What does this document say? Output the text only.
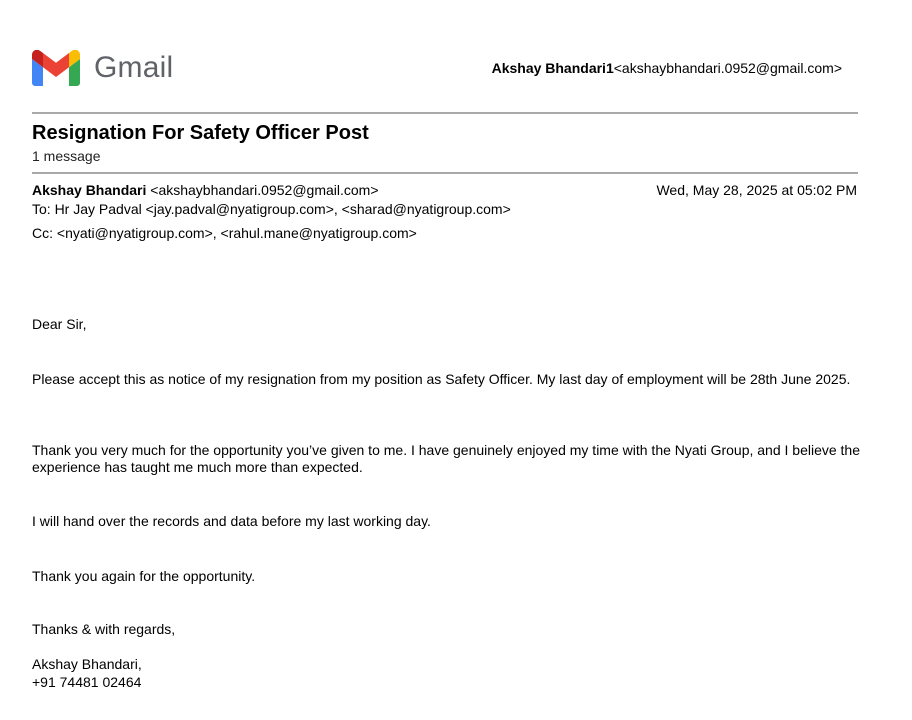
Gmail	Akshay Bhandari1<akshaybhandari.0952@gmail.com>
Resignation For Safety Officer Post
1 message
Akshay Bhandari <akshaybhandari.0952@gmail.com>	Wed, May 28, 2025 at 05:02 PM
To: Hr Jay Padval <jay.padval@nyatigroup.com>, <sharad@nyatigroup.com>
Cc: <nyati@nyatigroup.com>, <rahul.mane@nyatigroup.com>

Dear Sir,

Please accept this as notice of my resignation from my position as Safety Officer. My last day of employment will be 28th June 2025.

Thank you very much for the opportunity you’ve given to me. I have genuinely enjoyed my time with the Nyati Group, and I believe the experience has taught me much more than expected.

I will hand over the records and data before my last working day.

Thank you again for the opportunity.

Thanks & with regards,

Akshay Bhandari,

+91 74481 02464
